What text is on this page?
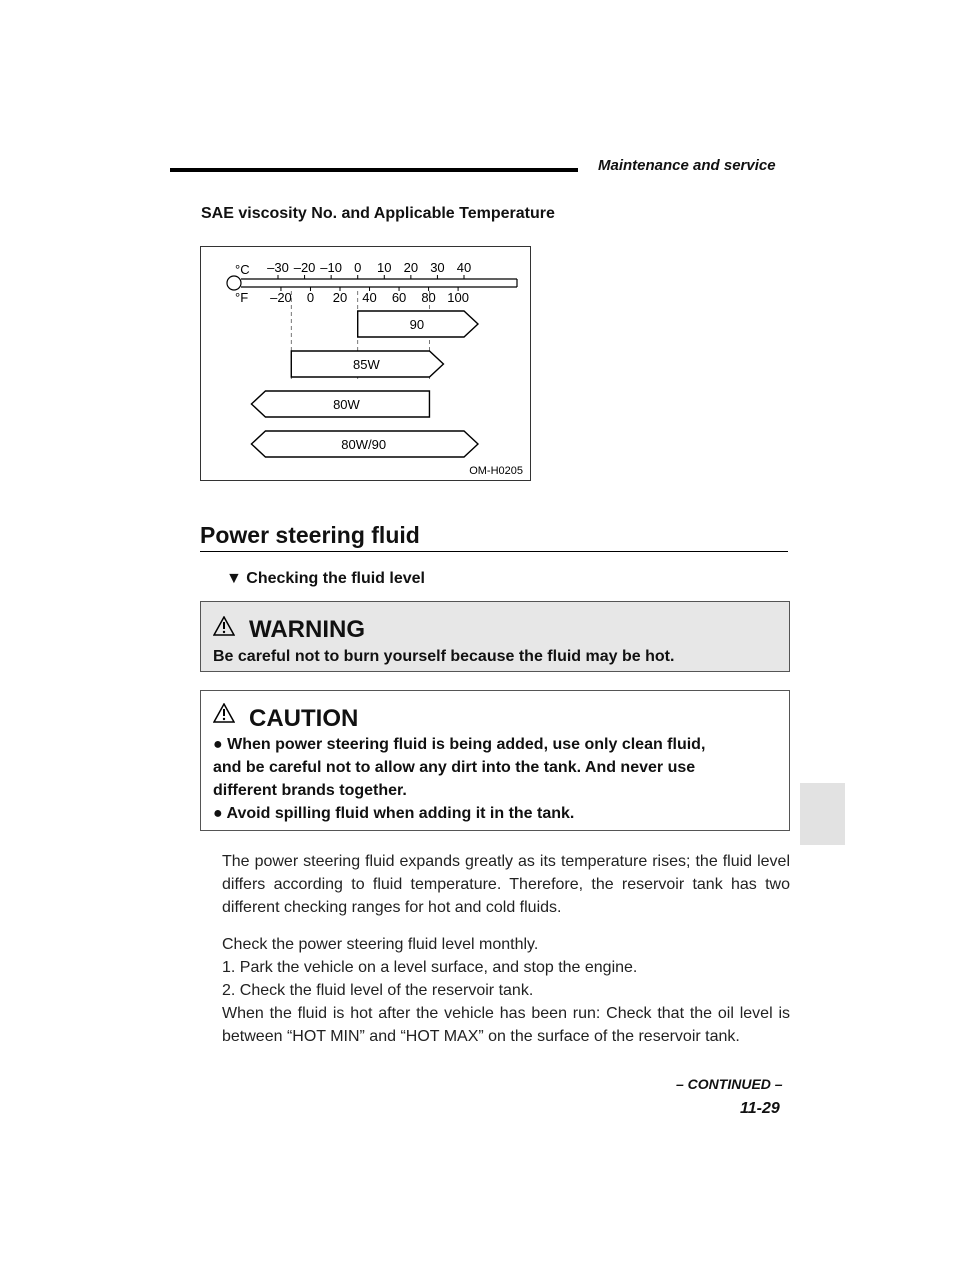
Maintenance and service
SAE viscosity No. and Applicable Temperature
°C
°F
–30 –20 –10 0 10 20 30 40
–20 0 20 40 60 80 100
90
85W
80W
80W/90
OM-H0205
Power steering fluid
▼ Checking the fluid level
WARNING
Be careful not to burn yourself because the fluid may be hot.
CAUTION
● When power steering fluid is being added, use only clean fluid,
and be careful not to allow any dirt into the tank. And never use
different brands together.
● Avoid spilling fluid when adding it in the tank.
The power steering fluid expands greatly as its temperature rises; the fluid level differs according to fluid temperature. Therefore, the reservoir tank has two different checking ranges for hot and cold fluids.
Check the power steering fluid level monthly.
1. Park the vehicle on a level surface, and stop the engine.
2. Check the fluid level of the reservoir tank.
When the fluid is hot after the vehicle has been run: Check that the oil level is between “HOT MIN” and “HOT MAX” on the surface of the reservoir tank.
– CONTINUED –
11-29
